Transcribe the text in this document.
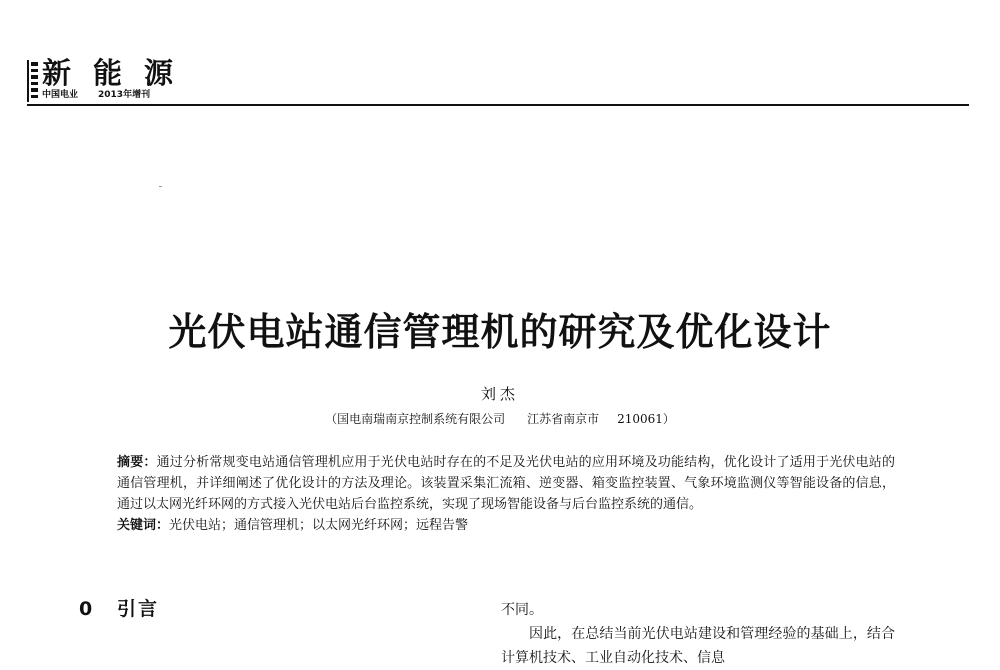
新能源
中国电业 2013年增刊
光伏电站通信管理机的研究及优化设计
刘杰
（国电南瑞南京控制系统有限公司 江苏省南京市 210061）

摘要：通过分析常规变电站通信管理机应用于光伏电站时存在的不足及光伏电站的应用环境及功能结构，优化设计了适用于光伏电站的通信管理机，并详细阐述了优化设计的方法及理论。该装置采集汇流箱、逆变器、箱变监控装置、气象环境监测仪等智能设备的信息，通过以太网光纤环网的方式接入光伏电站后台监控系统，实现了现场智能设备与后台监控系统的通信。

关键词：光伏电站；通信管理机；以太网光纤环网；远程告警

0 引言	不同。

因此，在总结当前光伏电站建设和管理经验的基础上，结合计算机技术、工业自动化技术、信息
